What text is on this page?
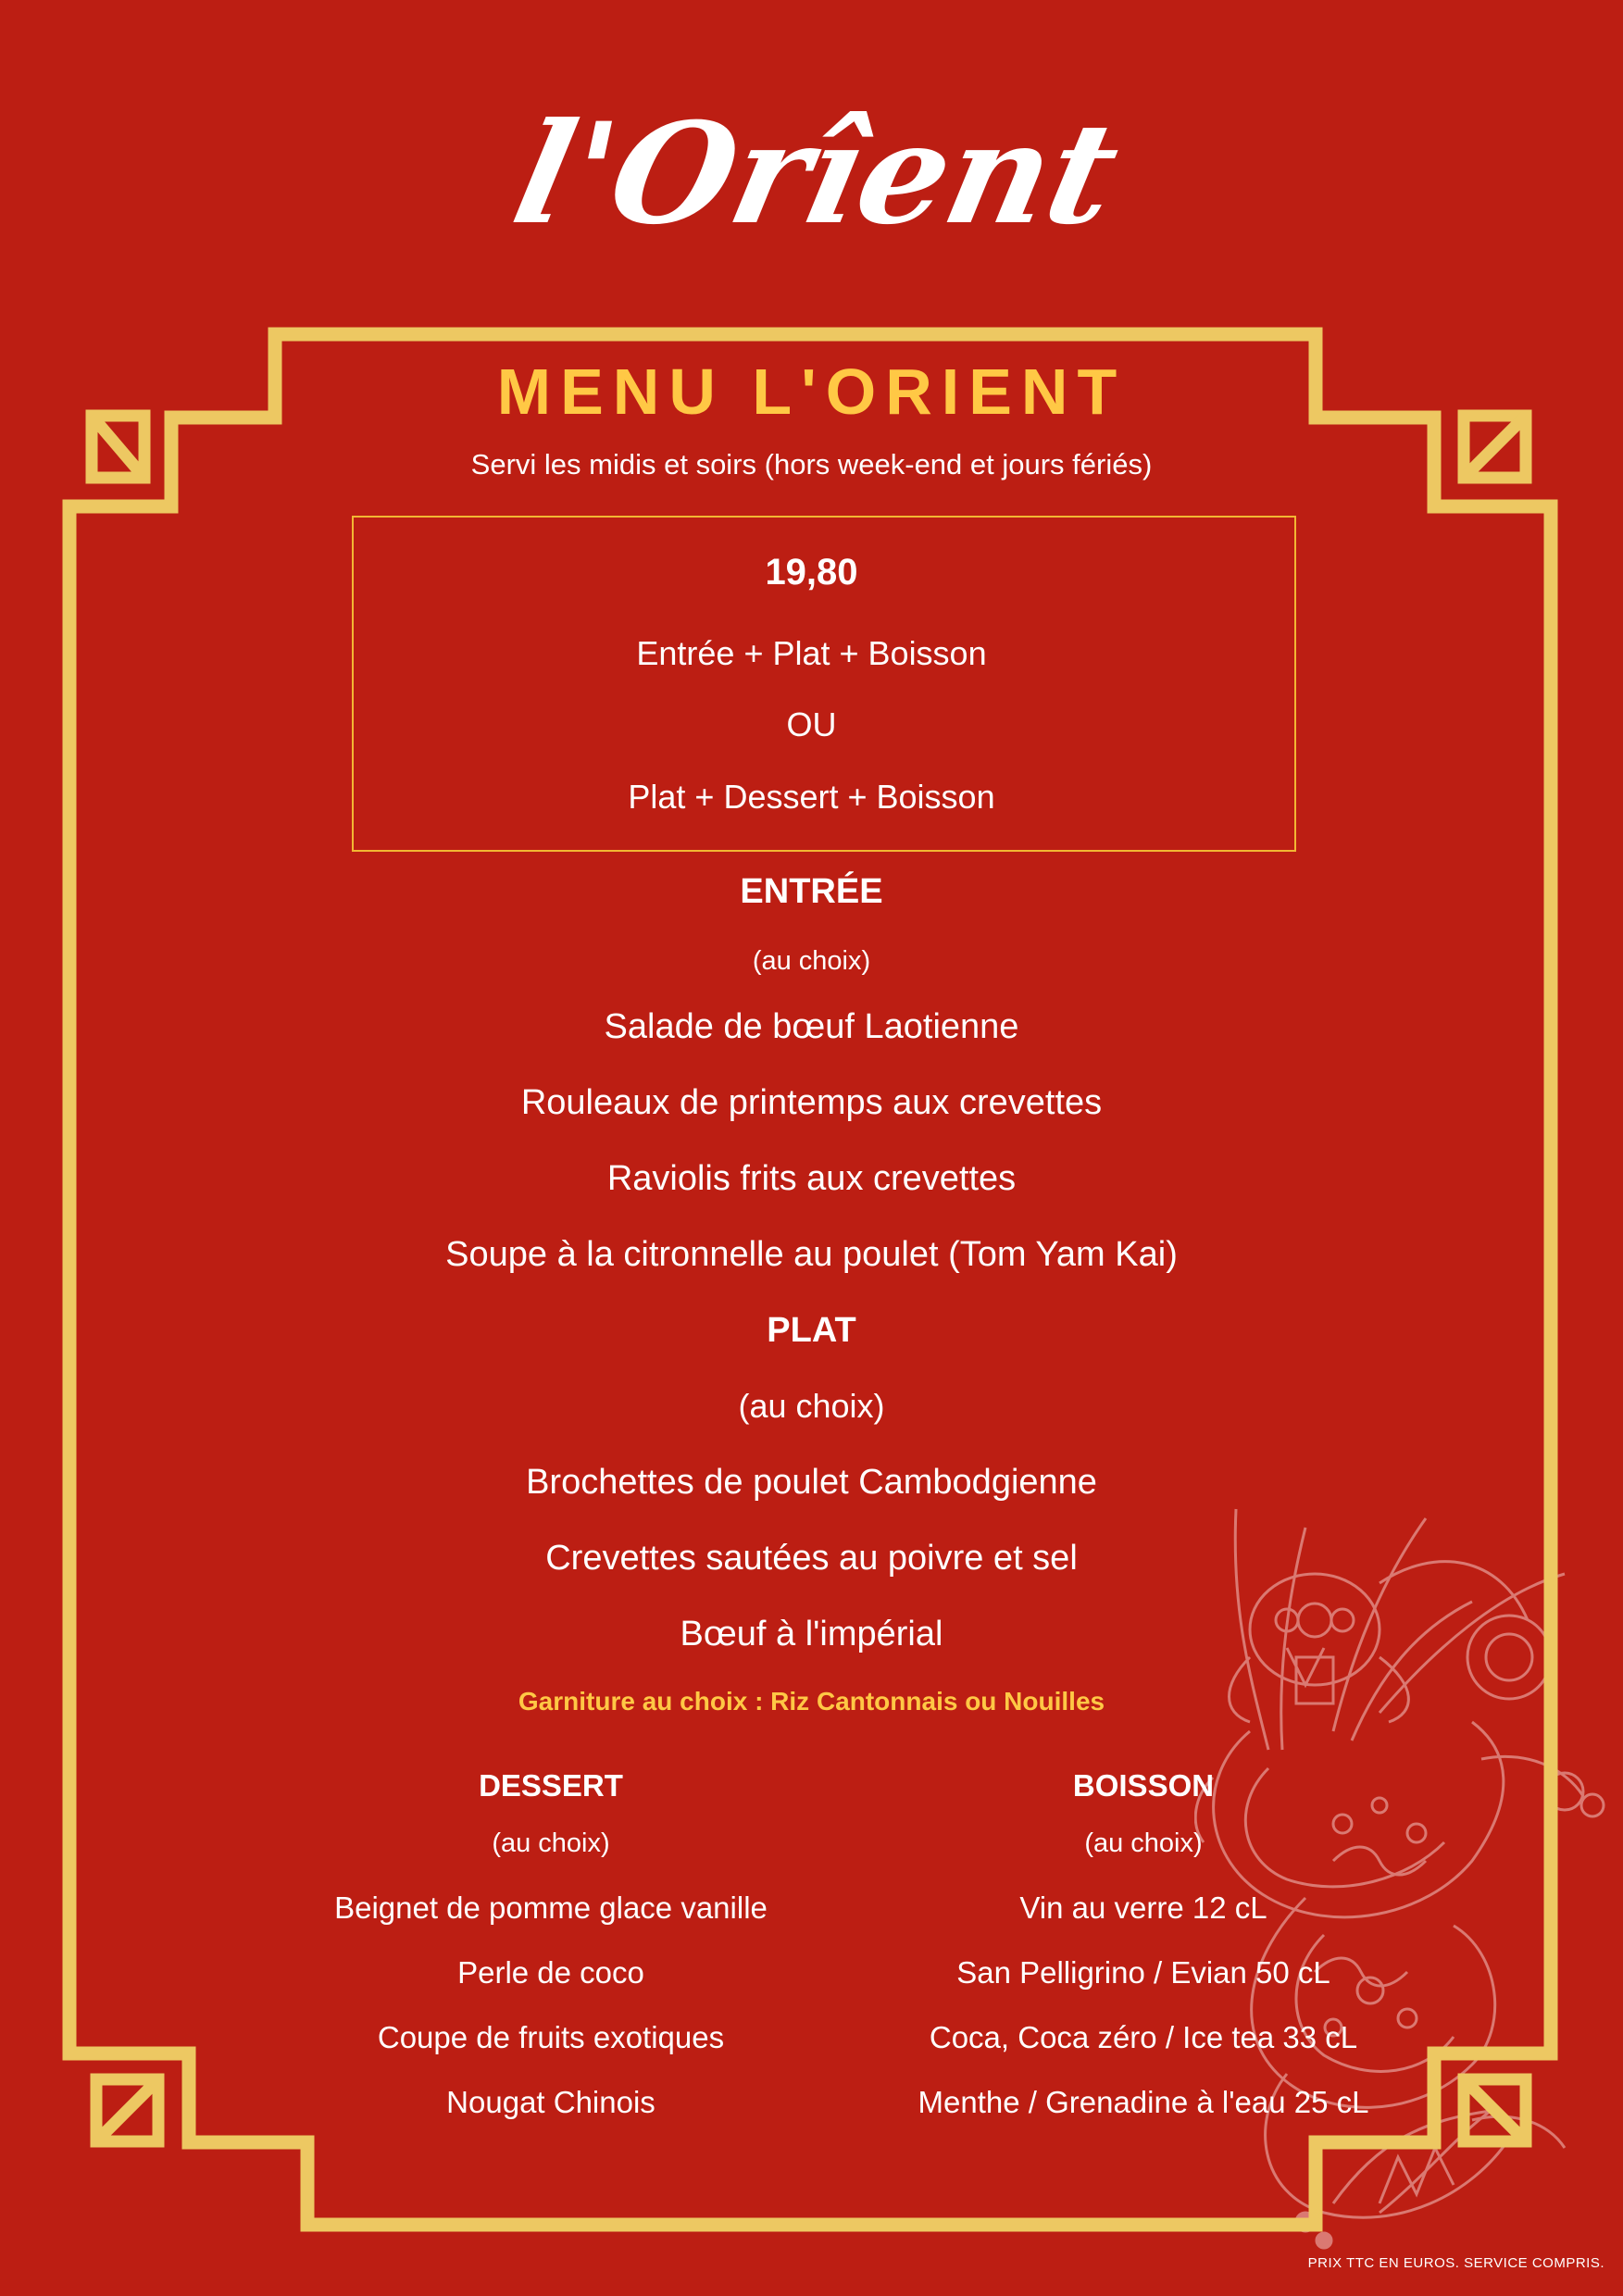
l'Orîent
MENU L'ORIENT
Servi les midis et soirs (hors week-end et jours fériés)
19,80
Entrée + Plat + Boisson
OU
Plat + Dessert + Boisson
ENTRÉE
(au choix)
Salade de bœuf Laotienne
Rouleaux de printemps aux crevettes
Raviolis frits aux crevettes
Soupe à la citronnelle au poulet (Tom Yam Kai)
PLAT
(au choix)
Brochettes de poulet Cambodgienne
Crevettes sautées au poivre et sel
Bœuf à l'impérial
Garniture au choix : Riz Cantonnais ou Nouilles
DESSERT
(au choix)
Beignet de pomme glace vanille
Perle de coco
Coupe de fruits exotiques
Nougat Chinois
BOISSON
(au choix)
Vin au verre 12 cL
San Pelligrino / Evian 50 cL
Coca, Coca zéro / Ice tea 33 cL
Menthe / Grenadine à l'eau 25 cL
PRIX TTC EN EUROS. SERVICE COMPRIS.
